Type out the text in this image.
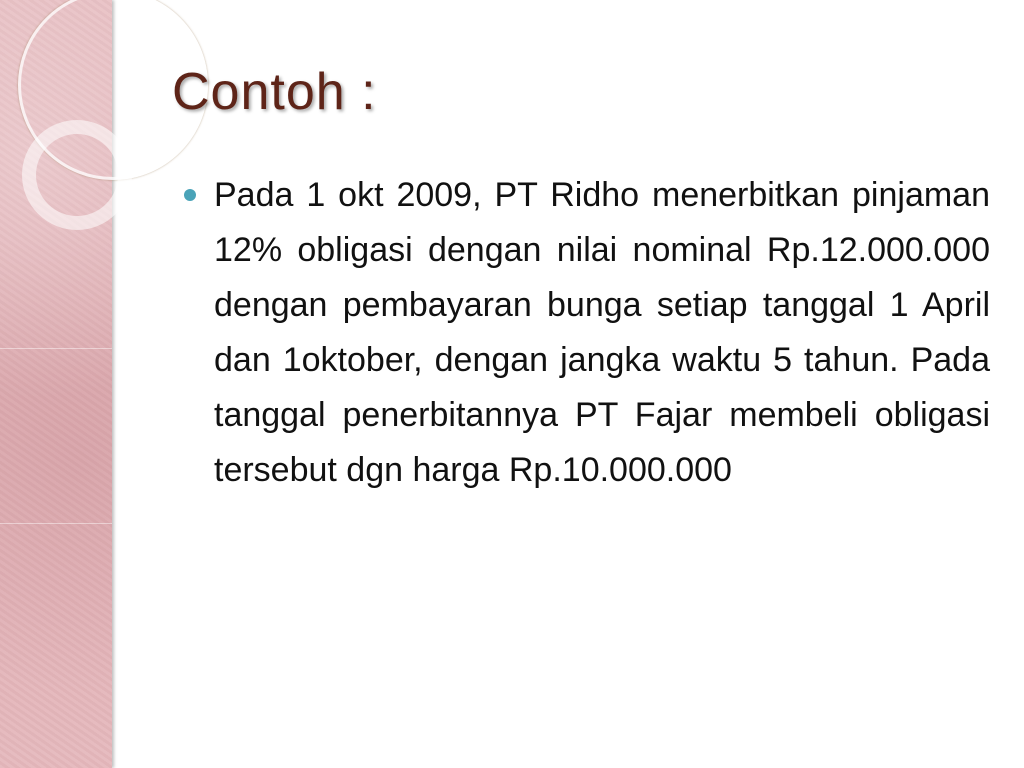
Contoh :

Pada 1 okt 2009, PT Ridho menerbitkan pinjaman 12% obligasi dengan nilai nominal Rp.12.000.000 dengan pembayaran bunga setiap tanggal 1 April dan 1oktober, dengan jangka waktu 5 tahun. Pada tanggal penerbitannya PT Fajar membeli obligasi tersebut dgn harga Rp.10.000.000
